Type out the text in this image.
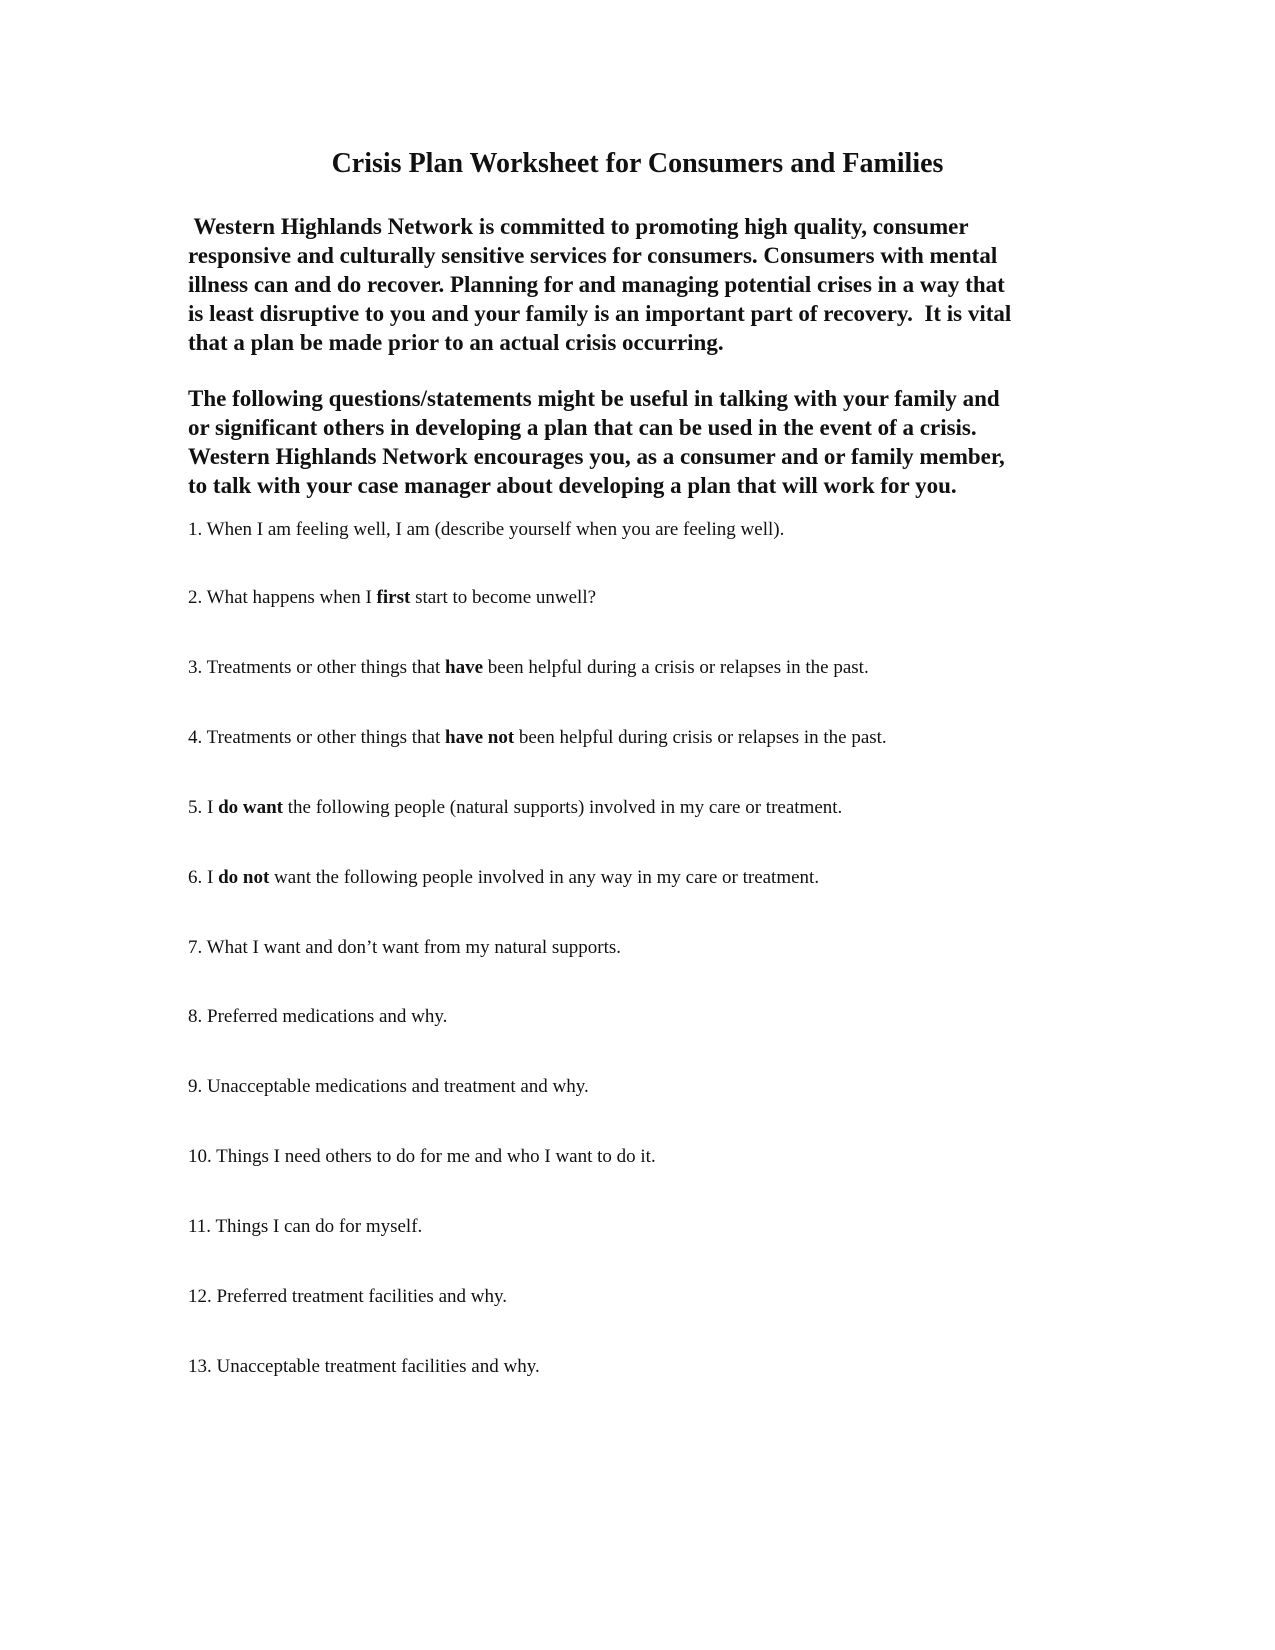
Crisis Plan Worksheet for Consumers and Families
Western Highlands Network is committed to promoting high quality, consumer
responsive and culturally sensitive services for consumers. Consumers with mental
illness can and do recover. Planning for and managing potential crises in a way that
is least disruptive to you and your family is an important part of recovery.  It is vital
that a plan be made prior to an actual crisis occurring.
The following questions/statements might be useful in talking with your family and
or significant others in developing a plan that can be used in the event of a crisis.
Western Highlands Network encourages you, as a consumer and or family member,
to talk with your case manager about developing a plan that will work for you.

1. When I am feeling well, I am (describe yourself when you are feeling well).

2. What happens when I first start to become unwell?

3. Treatments or other things that have been helpful during a crisis or relapses in the past.

4. Treatments or other things that have not been helpful during crisis or relapses in the past.

5. I do want the following people (natural supports) involved in my care or treatment.

6. I do not want the following people involved in any way in my care or treatment.

7. What I want and don’t want from my natural supports.

8. Preferred medications and why.

9. Unacceptable medications and treatment and why.

10. Things I need others to do for me and who I want to do it.

11. Things I can do for myself.

12. Preferred treatment facilities and why.

13. Unacceptable treatment facilities and why.
